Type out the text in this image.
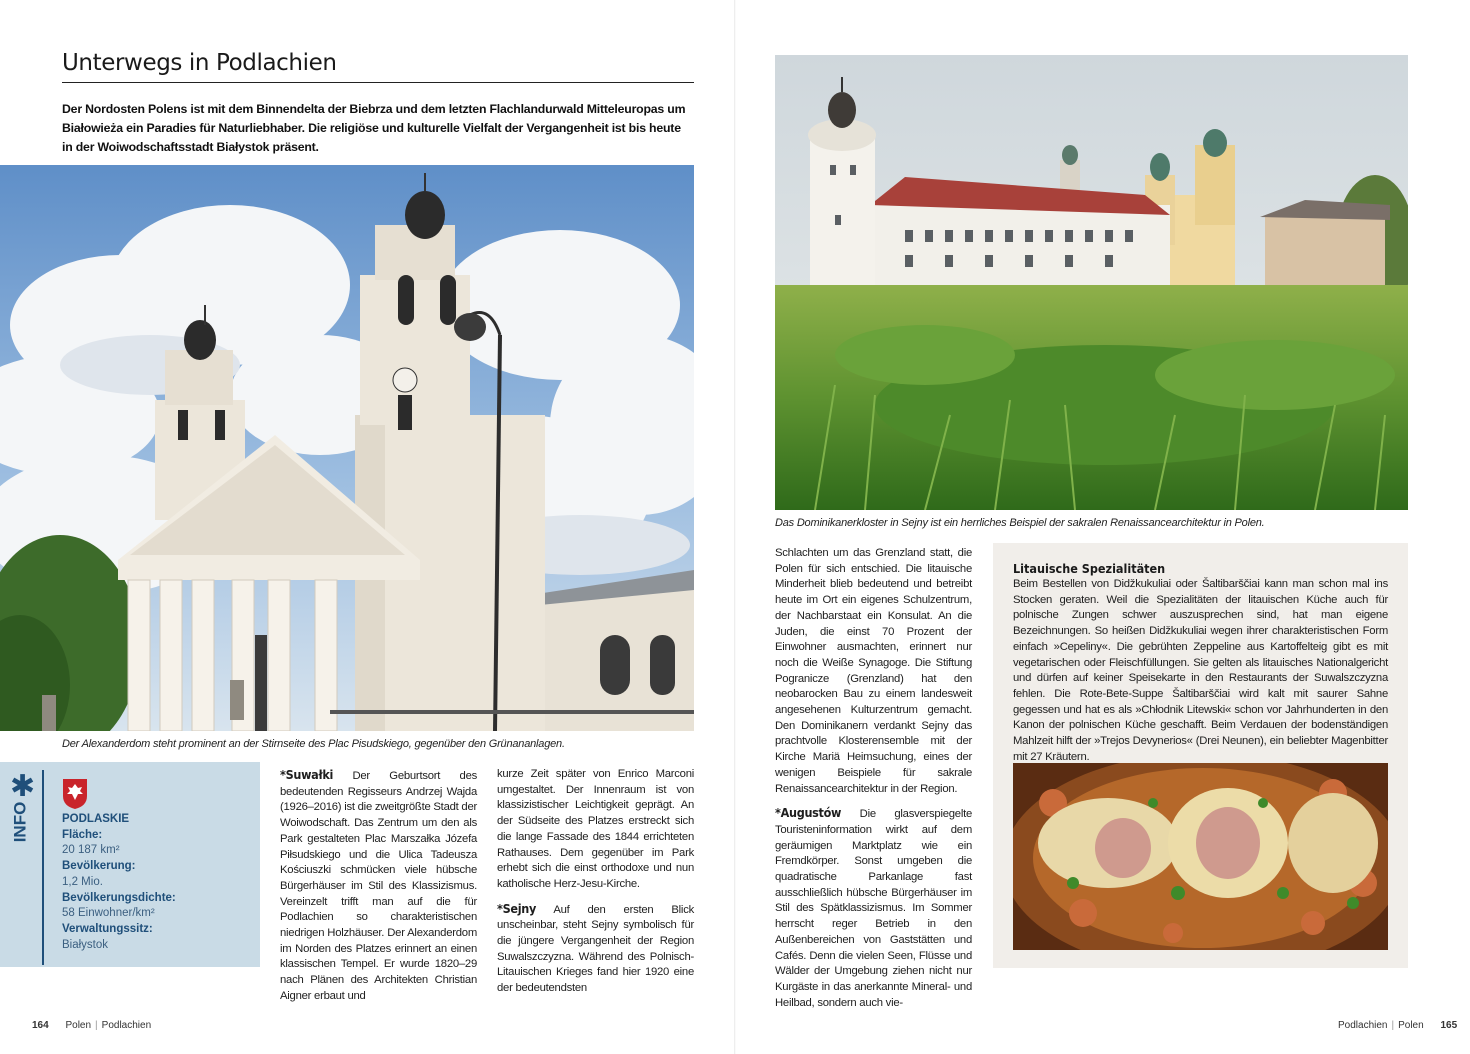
Unterwegs in Podlachien
Der Nordosten Polens ist mit dem Binnendelta der Biebrza und dem letzten Flachlandurwald Mitteleuropas um Białowieża ein Paradies für Naturliebhaber. Die religiöse und kulturelle Vielfalt der Vergangenheit ist bis heute in der Woiwodschaftsstadt Białystok präsent.
Der Alexanderdom steht prominent an der Stirnseite des Plac Pisudskiego, gegenüber den Grünananlagen.
✱
INFO	PODLASKIE
Fläche:
20 187 km²
Bevölkerung:
1,2 Mio.
Bevölkerungsdichte:
58 Einwohner/km²
Verwaltungssitz:
Białystok

*Suwałki Der Geburtsort des bedeutenden Regisseurs Andrzej Wajda (1926–2016) ist die zweitgrößte Stadt der Woiwodschaft. Das Zentrum um den als Park gestalteten Plac Marszałka Józefa Piłsudskiego und die Ulica Tadeusza Kościuszki schmücken viele hübsche Bürgerhäuser im Stil des Klassizismus. Vereinzelt trifft man auf die für Podlachien so charakteristischen niedrigen Holzhäuser. Der Alexanderdom im Norden des Platzes erinnert an einen klassischen Tempel. Er wurde 1820–29 nach Plänen des Architekten Christian Aigner erbaut und

kurze Zeit später von Enrico Marconi umgestaltet. Der Innenraum ist von klassizistischer Leichtigkeit geprägt. An der Südseite des Platzes erstreckt sich die lange Fassade des 1844 errichteten Rathauses. Dem gegenüber im Park erhebt sich die einst orthodoxe und nun katholische Herz-Jesu-Kirche.

*Sejny Auf den ersten Blick unscheinbar, steht Sejny symbolisch für die jüngere Vergangenheit der Region Suwalszczyzna. Während des Polnisch-Litauischen Krieges fand hier 1920 eine der bedeutendsten

164 Polen | Podlachien
Das Dominikanerkloster in Sejny ist ein herrliches Beispiel der sakralen Renaissancearchitektur in Polen.

Schlachten um das Grenzland statt, die Polen für sich entschied. Die litauische Minderheit blieb bedeutend und betreibt heute im Ort ein eigenes Schulzentrum, der Nachbarstaat ein Konsulat. An die Juden, die einst 70 Prozent der Einwohner ausmachten, erinnert nur noch die Weiße Synagoge. Die Stiftung Pogranicze (Grenzland) hat den neobarocken Bau zu einem landesweit angesehenen Kulturzentrum gemacht. Den Dominikanern verdankt Sejny das prachtvolle Klosterensemble mit der Kirche Mariä Heimsuchung, eines der wenigen Beispiele für sakrale Renaissancearchitektur in der Region.

*Augustów Die glasverspiegelte Touristeninformation wirkt auf dem geräumigen Marktplatz wie ein Fremdkörper. Sonst umgeben die quadratische Parkanlage fast ausschließlich hübsche Bürgerhäuser im Stil des Spätklassizismus. Im Sommer herrscht reger Betrieb in den Außenbereichen von Gaststätten und Cafés. Denn die vielen Seen, Flüsse und Wälder der Umgebung ziehen nicht nur Kurgäste in das anerkannte Mineral- und Heilbad, sondern auch vie-

Litauische Spezialitäten
Beim Bestellen von Didžkukuliai oder Šaltibarščiai kann man schon mal ins Stocken geraten. Weil die Spezialitäten der litauischen Küche auch für polnische Zungen schwer auszusprechen sind, hat man eigene Bezeichnungen. So heißen Didžkukuliai wegen ihrer charakteristischen Form einfach »Cepeliny«. Die gebrühten Zeppeline aus Kartoffelteig gibt es mit vegetarischen oder Fleischfüllungen. Sie gelten als litauisches Nationalgericht und dürfen auf keiner Speisekarte in den Restaurants der Suwalszczyzna fehlen. Die Rote-Bete-Suppe Šaltibarščiai wird kalt mit saurer Sahne gegessen und hat es als »Chłodnik Litewski« schon vor Jahrhunderten in den Kanon der polnischen Küche geschafft. Beim Verdauen der bodenständigen Mahlzeit hilft der »Trejos Devynerios« (Drei Neunen), ein beliebter Magenbitter mit 27 Kräutern.
Podlachien | Polen 165
